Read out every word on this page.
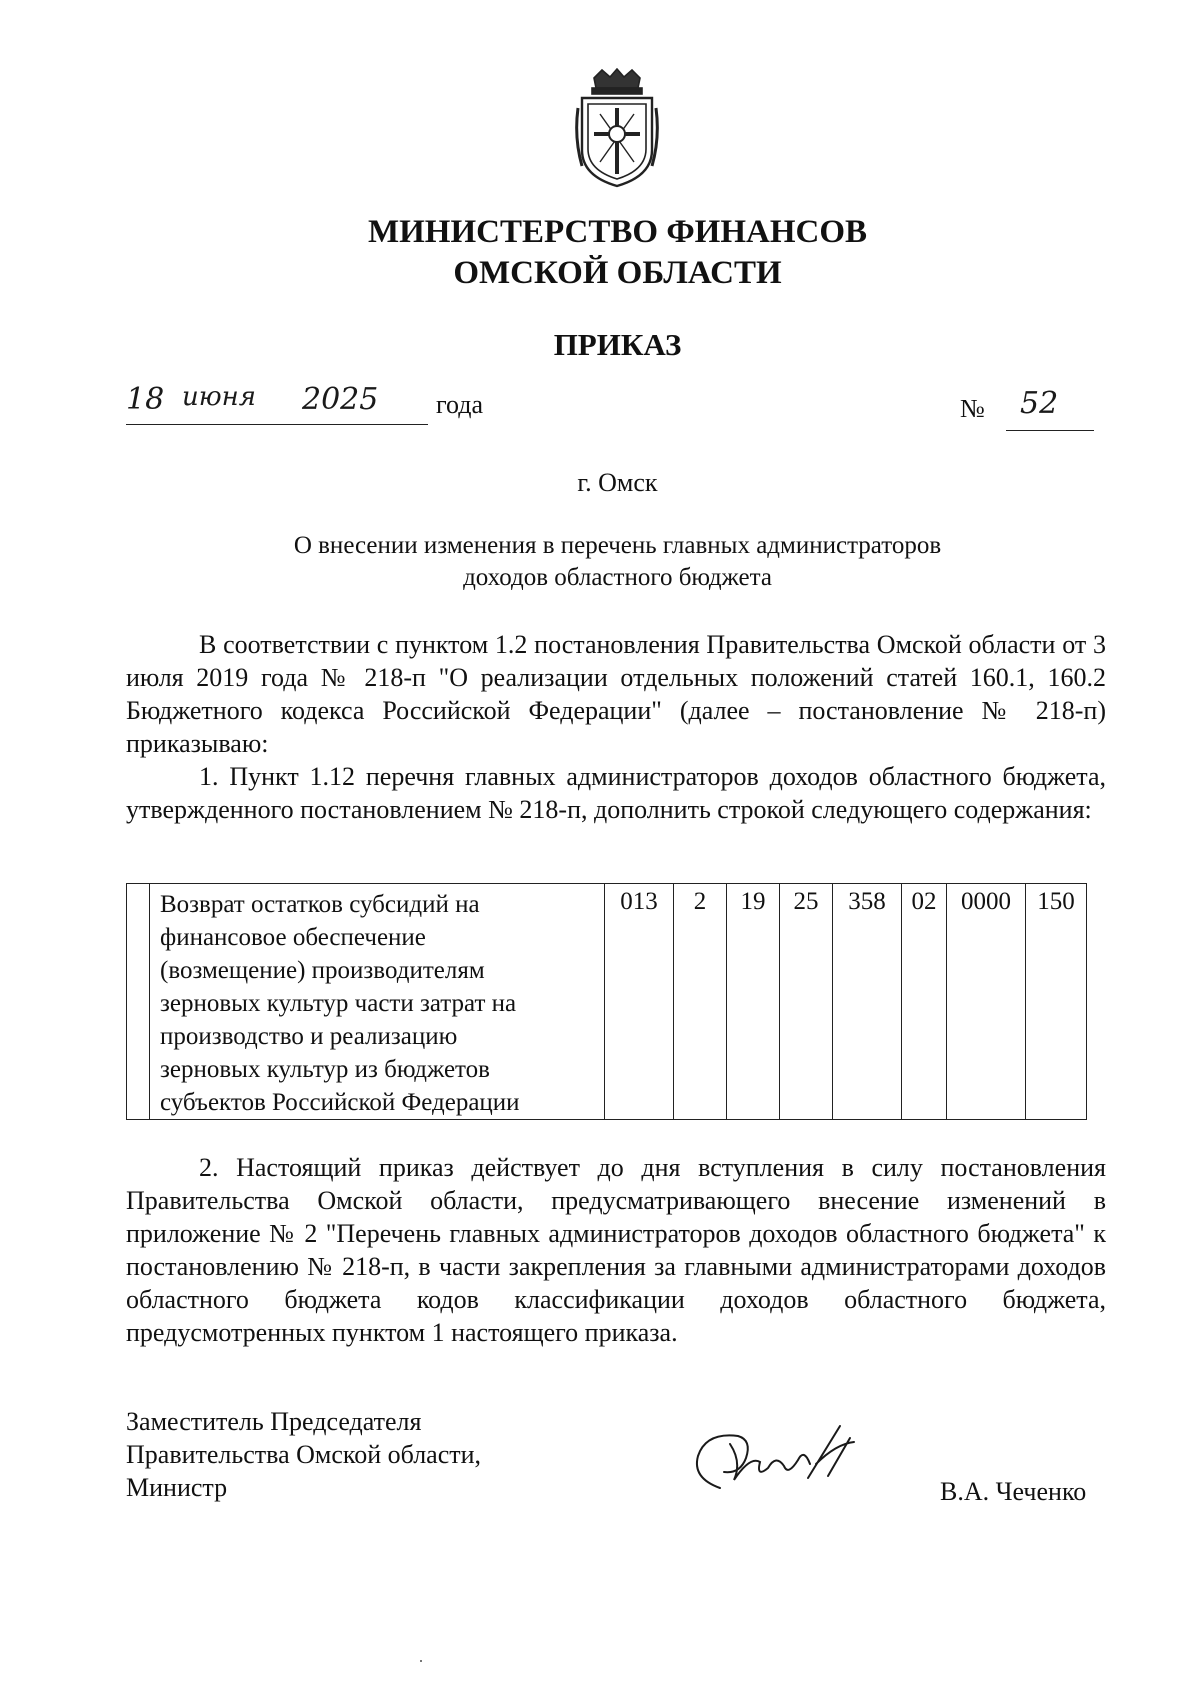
МИНИСТЕРСТВО ФИНАНСОВ
ОМСКОЙ ОБЛАСТИ
ПРИКАЗ
18 июня 2025 года	№ 52
г. Омск
О внесении изменения в перечень главных администраторов
доходов областного бюджета

В соответствии с пунктом 1.2 постановления Правительства Омской области от 3 июля 2019 года № 218-п "О реализации отдельных положений статей 160.1, 160.2 Бюджетного кодекса Российской Федерации" (далее – постановление № 218-п) приказываю:

1. Пункт 1.12 перечня главных администраторов доходов областного бюджета, утвержденного постановлением № 218-п, дополнить строкой следующего содержания:

Возврат остатков субсидий на
финансовое обеспечение
(возмещение) производителям
зерновых культур части затрат на
производство и реализацию
зерновых культур из бюджетов
субъектов Российской Федерации
	013	2	19	25	358	02	0000	150

2. Настоящий приказ действует до дня вступления в силу постановления Правительства Омской области, предусматривающего внесение изменений в приложение № 2 "Перечень главных администраторов доходов областного бюджета" к постановлению № 218-п, в части закрепления за главными администраторами доходов областного бюджета кодов классификации доходов областного бюджета, предусмотренных пунктом 1 настоящего приказа.

Заместитель Председателя

Правительства Омской области,

Министр	В.А. Чеченко
